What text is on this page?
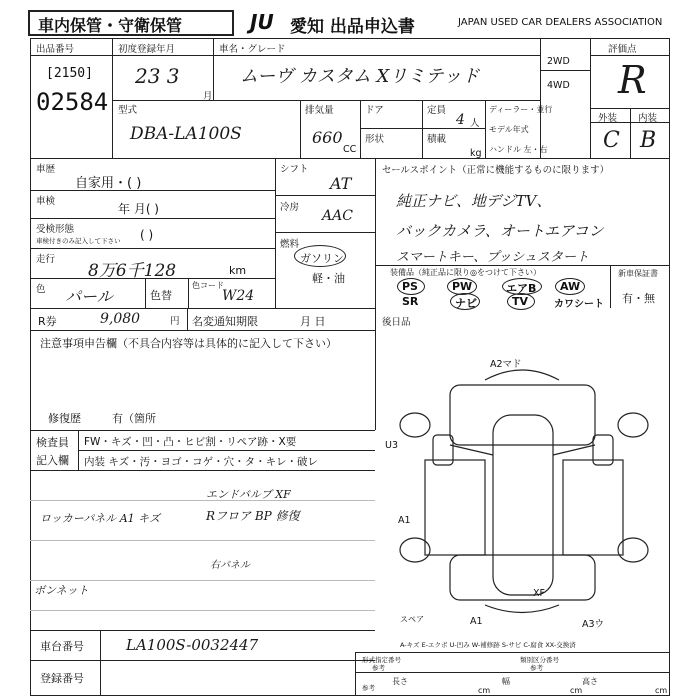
車内保管・守衛保管	JU 愛知 出品申込書	JAPAN USED CAR DEALERS ASSOCIATION
出品番号
[2150]
02584
初度登録年月
23 3
月
車名・グレード
ムーヴ カスタム Xリミテッド
2WD
4WD
評価点
R
型式
DBA-LA100S
排気量
660
CC
ドア
形状
定員
4 人
積載
kg
ディーラー・並行
モデル年式
ハンドル 左・右
外装 内装
C B
車歴
自家用・( )
車検
年 月( )
受検形態
車検付きのみ記入して下さい ( )
走行
8万6千128	km
色 パール	色替
色コード
W24
シフト
AT
冷房
AAC
燃料
ガソリン
軽・油
セールスポイント（正常に機能するものに限ります）
純正ナビ、地デジTV、
バックカメラ、オートエアコン
スマートキー、プッシュスタート
装備品（純正品に限り◎をつけて下さい）
PS	PW	エアB AW
SR	ナビ	TV	カワシート
新車保証書
有・無
R券	9,080	円 名変通知期限	月 日	後日品
注意事項申告欄（不具合内容等は具体的に記入して下さい）
修復歴	有（箇所
検査員
記入欄
FW・キズ・凹・凸・ヒビ割・リペア跡・X要
内装 キズ・汚・ヨゴ・コゲ・穴・タ・キレ・破レ
エンドバルブ XF
Rフロア BP 修復
ロッカーパネル A1 キズ
右パネル
ボンネット
A2マド
U3
A1
XF
スペア	A1	A3ウ
A-キズ E-エクボ U-凹み W-補修跡 S-サビ C-腐食 XX-交換済
車台番号	LA100S-0032447
登録番号
形式指定番号
参考
類別区分番号
参考
参考
長さ
cm
幅
cm
高さ
cm
